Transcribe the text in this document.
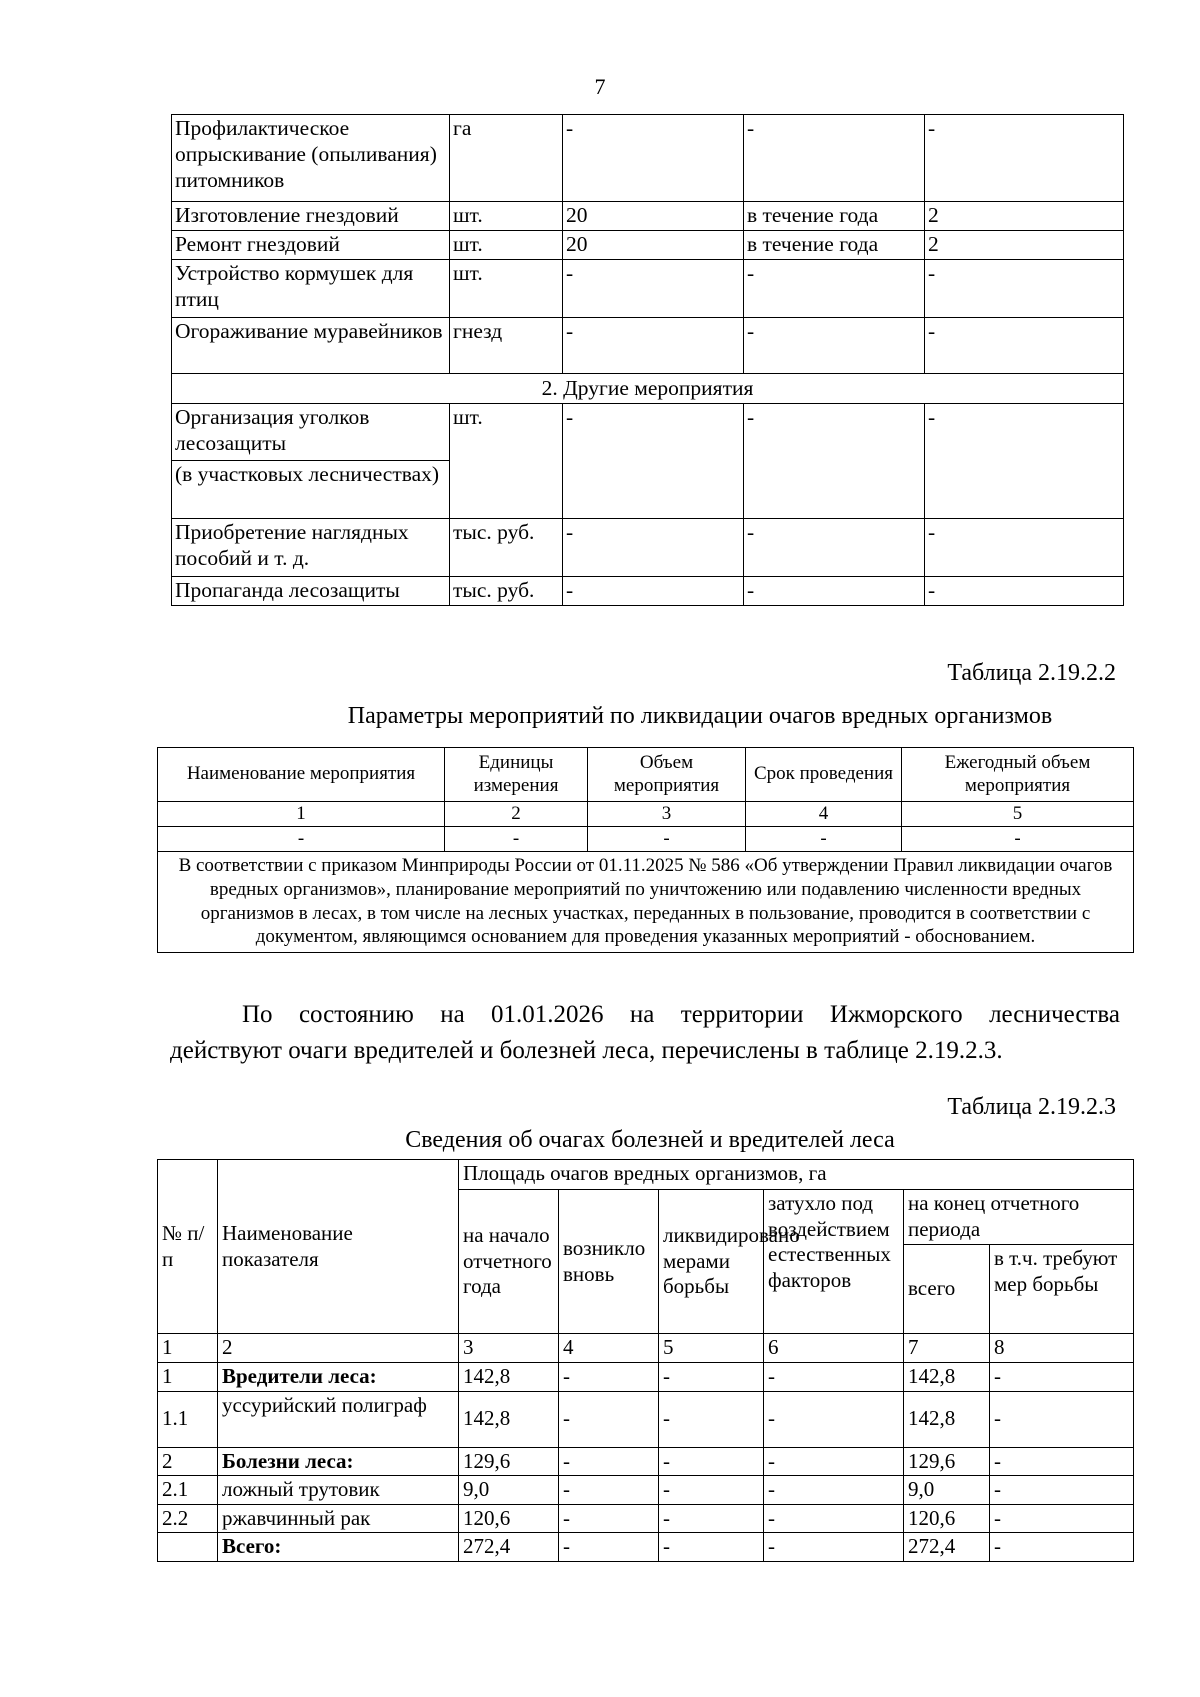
7
Профилактическое опрыскивание (опыливания) питомников	га	-	-	-
Изготовление гнездовий	шт.	20	в течение года	2
Ремонт гнездовий	шт.	20	в течение года	2
Устройство кормушек для птиц	шт.	-	-	-
Огораживание муравейников	гнезд	-	-	-
2. Другие мероприятия				
Организация уголков лесозащиты	шт.	-	-	-
(в участковых лесничествах)				
Приобретение наглядных пособий и т. д.	тыс. руб.	-	-	-
Пропаганда лесозащиты	тыс. руб.	-	-	-
Таблица 2.19.2.2
Параметры мероприятий по ликвидации очагов вредных организмов
Наименование мероприятия	Единицы измерения	Объем мероприятия	Срок проведения	Ежегодный объем мероприятия
1	2	3	4	5
-	-	-	-	-
В соответствии с приказом Минприроды России от 01.11.2025 № 586 «Об утверждении Правил ликвидации очагов вредных организмов», планирование мероприятий по уничтожению или подавлению численности вредных организмов в лесах, в том числе на лесных участках, переданных в пользование, проводится в соответствии с документом, являющимся основанием для проведения указанных мероприятий - обоснованием.				
По состоянию на 01.01.2026 на территории Ижморского лесничества
действуют очаги вредителей и болезней леса, перечислены в таблице 2.19.2.3.
Таблица 2.19.2.3
Сведения об очагах болезней и вредителей леса
№ п/п	Наименование показателя	Площадь очагов вредных организмов, га					
		на начало отчетного года	возникло вновь	ликвидировано мерами борьбы	затухло под воздействием естественных факторов	на конец отчетного периода	
						всего	в т.ч. требуют мер борьбы
1	2	3	4	5	6	7	8
1	Вредители леса:	142,8	-	-	-	142,8	-
1.1	уссурийский полиграф	142,8	-	-	-	142,8	-
2	Болезни леса:	129,6	-	-	-	129,6	-
2.1	ложный трутовик	9,0	-	-	-	9,0	-
2.2	ржавчинный рак	120,6	-	-	-	120,6	-
	Всего:	272,4	-	-	-	272,4	-
